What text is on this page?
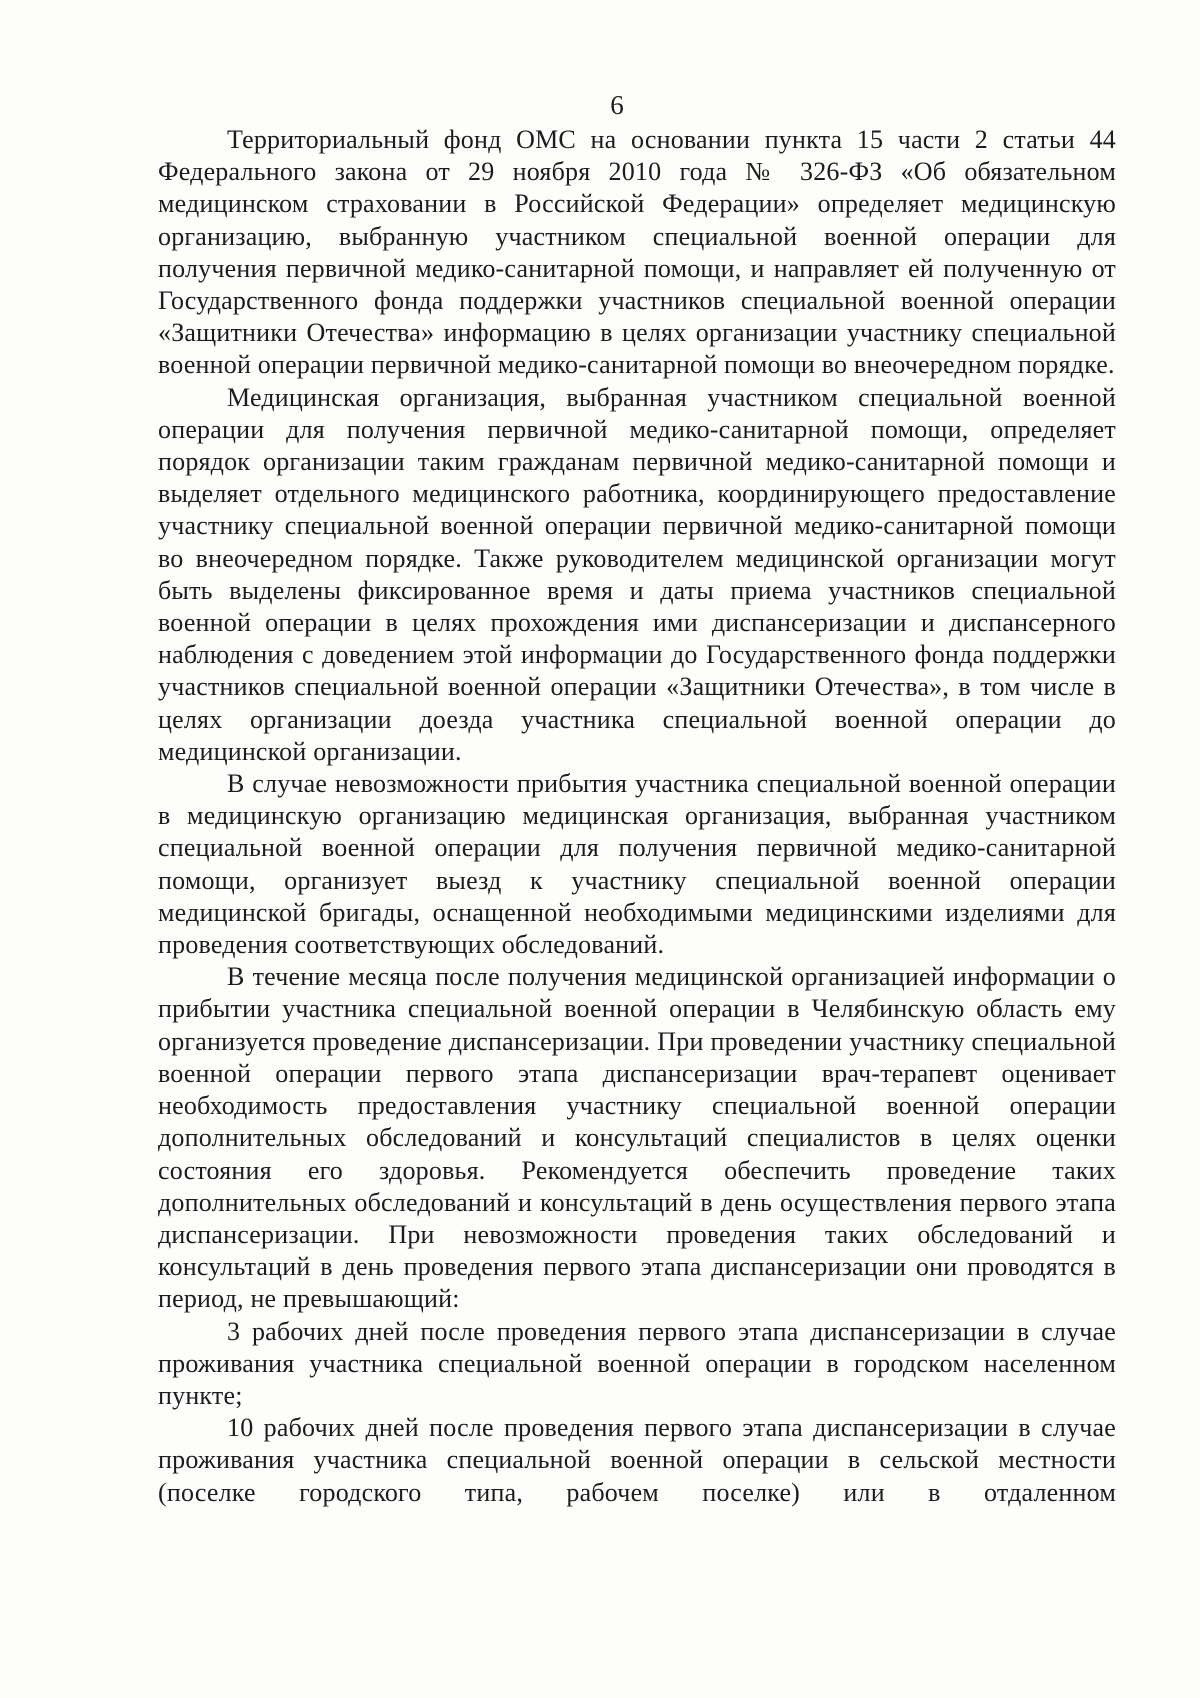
6

Территориальный фонд ОМС на основании пункта 15 части 2 статьи 44 Федерального закона от 29 ноября 2010 года № 326-ФЗ «Об обязательном медицинском страховании в Российской Федерации» определяет медицинскую организацию, выбранную участником специальной военной операции для получения первичной медико-санитарной помощи, и направляет ей полученную от Государственного фонда поддержки участников специальной военной операции «Защитники Отечества» информацию в целях организации участнику специальной военной операции первичной медико-санитарной помощи во внеочередном порядке.

Медицинская организация, выбранная участником специальной военной операции для получения первичной медико-санитарной помощи, определяет порядок организации таким гражданам первичной медико-санитарной помощи и выделяет отдельного медицинского работника, координирующего предоставление участнику специальной военной операции первичной медико-санитарной помощи во внеочередном порядке. Также руководителем медицинской организации могут быть выделены фиксированное время и даты приема участников специальной военной операции в целях прохождения ими диспансеризации и диспансерного наблюдения с доведением этой информации до Государственного фонда поддержки участников специальной военной операции «Защитники Отечества», в том числе в целях организации доезда участника специальной военной операции до медицинской организации.

В случае невозможности прибытия участника специальной военной операции в медицинскую организацию медицинская организация, выбранная участником специальной военной операции для получения первичной медико-санитарной помощи, организует выезд к участнику специальной военной операции медицинской бригады, оснащенной необходимыми медицинскими изделиями для проведения соответствующих обследований.

В течение месяца после получения медицинской организацией информации о прибытии участника специальной военной операции в Челябинскую область ему организуется проведение диспансеризации. При проведении участнику специальной военной операции первого этапа диспансеризации врач-терапевт оценивает необходимость предоставления участнику специальной военной операции дополнительных обследований и консультаций специалистов в целях оценки состояния его здоровья. Рекомендуется обеспечить проведение таких дополнительных обследований и консультаций в день осуществления первого этапа диспансеризации. При невозможности проведения таких обследований и консультаций в день проведения первого этапа диспансеризации они проводятся в период, не превышающий:

3 рабочих дней после проведения первого этапа диспансеризации в случае проживания участника специальной военной операции в городском населенном пункте;

10 рабочих дней после проведения первого этапа диспансеризации в случае проживания участника специальной военной операции в сельской местности (поселке городского типа, рабочем поселке) или в отдаленном
